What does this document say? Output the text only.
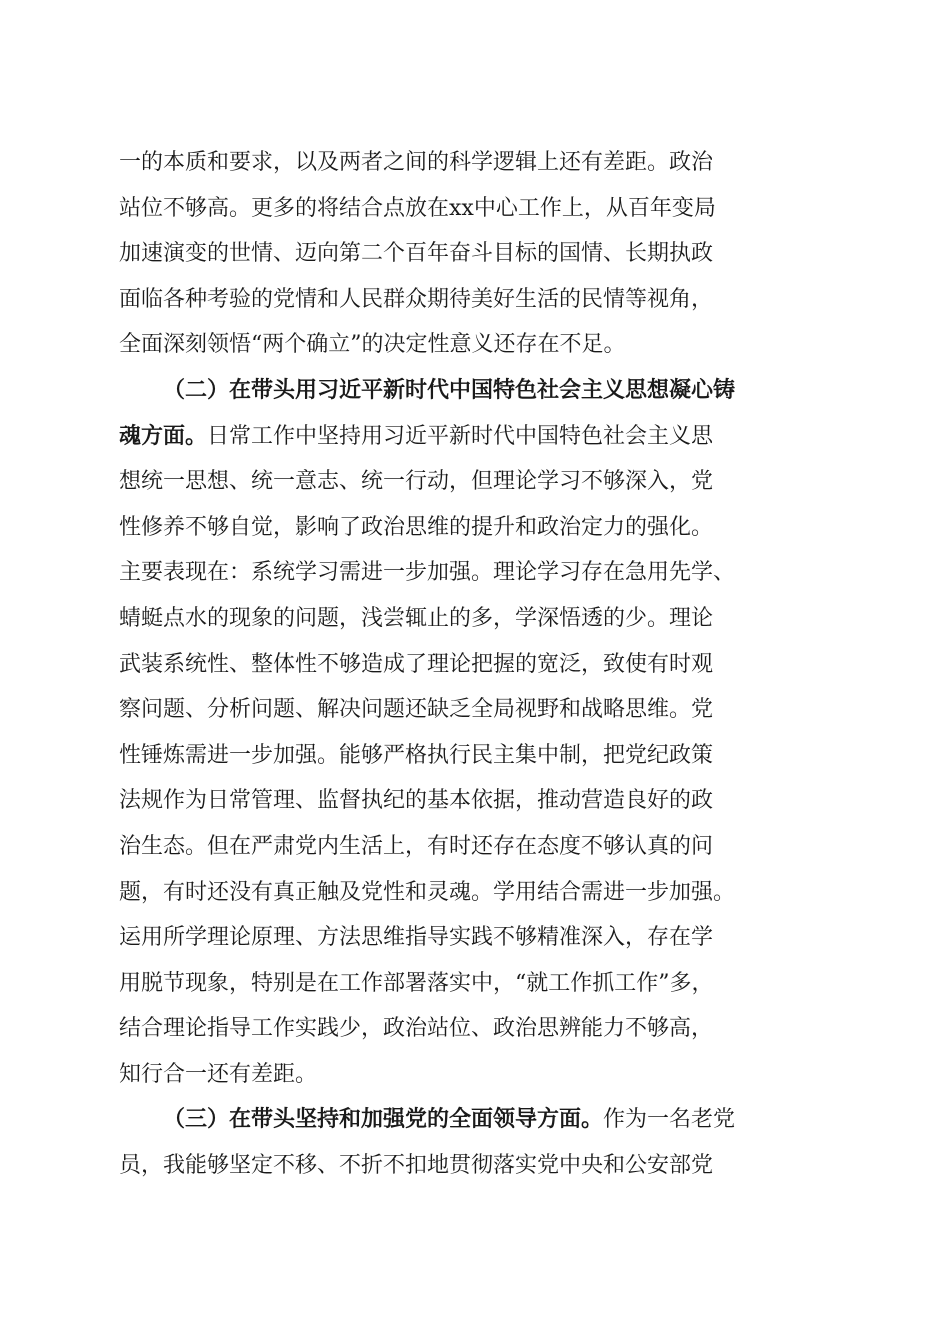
一的本质和要求，以及两者之间的科学逻辑上还有差距。政治
站位不够高。更多的将结合点放在xx中心工作上，从百年变局
加速演变的世情、迈向第二个百年奋斗目标的国情、长期执政
面临各种考验的党情和人民群众期待美好生活的民情等视角，
全面深刻领悟“两个确立”的决定性意义还存在不足。
（二）在带头用习近平新时代中国特色社会主义思想凝心铸
魂方面。日常工作中坚持用习近平新时代中国特色社会主义思
想统一思想、统一意志、统一行动，但理论学习不够深入，党
性修养不够自觉，影响了政治思维的提升和政治定力的强化。
主要表现在：系统学习需进一步加强。理论学习存在急用先学、
蜻蜓点水的现象的问题，浅尝辄止的多，学深悟透的少。理论
武装系统性、整体性不够造成了理论把握的宽泛，致使有时观
察问题、分析问题、解决问题还缺乏全局视野和战略思维。党
性锤炼需进一步加强。能够严格执行民主集中制，把党纪政策
法规作为日常管理、监督执纪的基本依据，推动营造良好的政
治生态。但在严肃党内生活上，有时还存在态度不够认真的问
题，有时还没有真正触及党性和灵魂。学用结合需进一步加强。
运用所学理论原理、方法思维指导实践不够精准深入，存在学
用脱节现象，特别是在工作部署落实中，“就工作抓工作”多，
结合理论指导工作实践少，政治站位、政治思辨能力不够高，
知行合一还有差距。
（三）在带头坚持和加强党的全面领导方面。作为一名老党
员，我能够坚定不移、不折不扣地贯彻落实党中央和公安部党
